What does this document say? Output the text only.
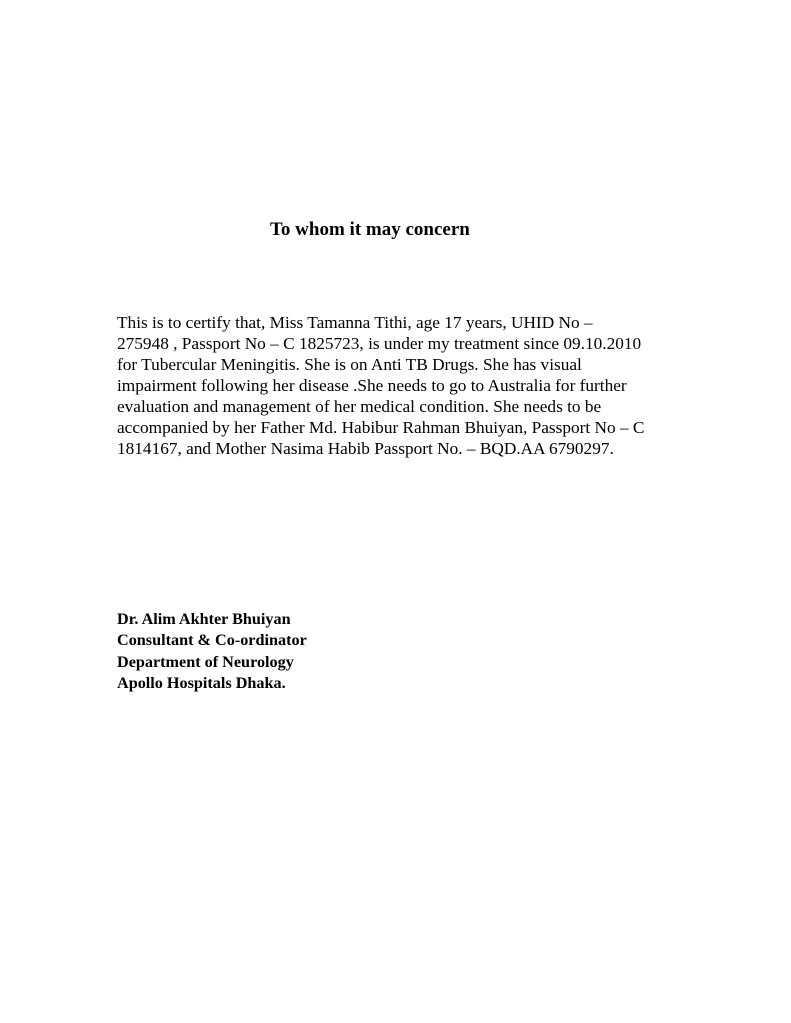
To whom it may concern
This is to certify that, Miss Tamanna Tithi, age 17 years, UHID No –
275948 , Passport No – C 1825723, is under my treatment since 09.10.2010
for Tubercular Meningitis. She is on Anti TB Drugs. She has visual
impairment following her disease .She needs to go to Australia for further
evaluation and management of her medical condition. She needs to be
accompanied by her Father Md. Habibur Rahman Bhuiyan, Passport No – C
1814167, and Mother Nasima Habib Passport No. – BQD.AA 6790297.
Dr. Alim Akhter Bhuiyan
Consultant & Co-ordinator
Department of Neurology
Apollo Hospitals Dhaka.
